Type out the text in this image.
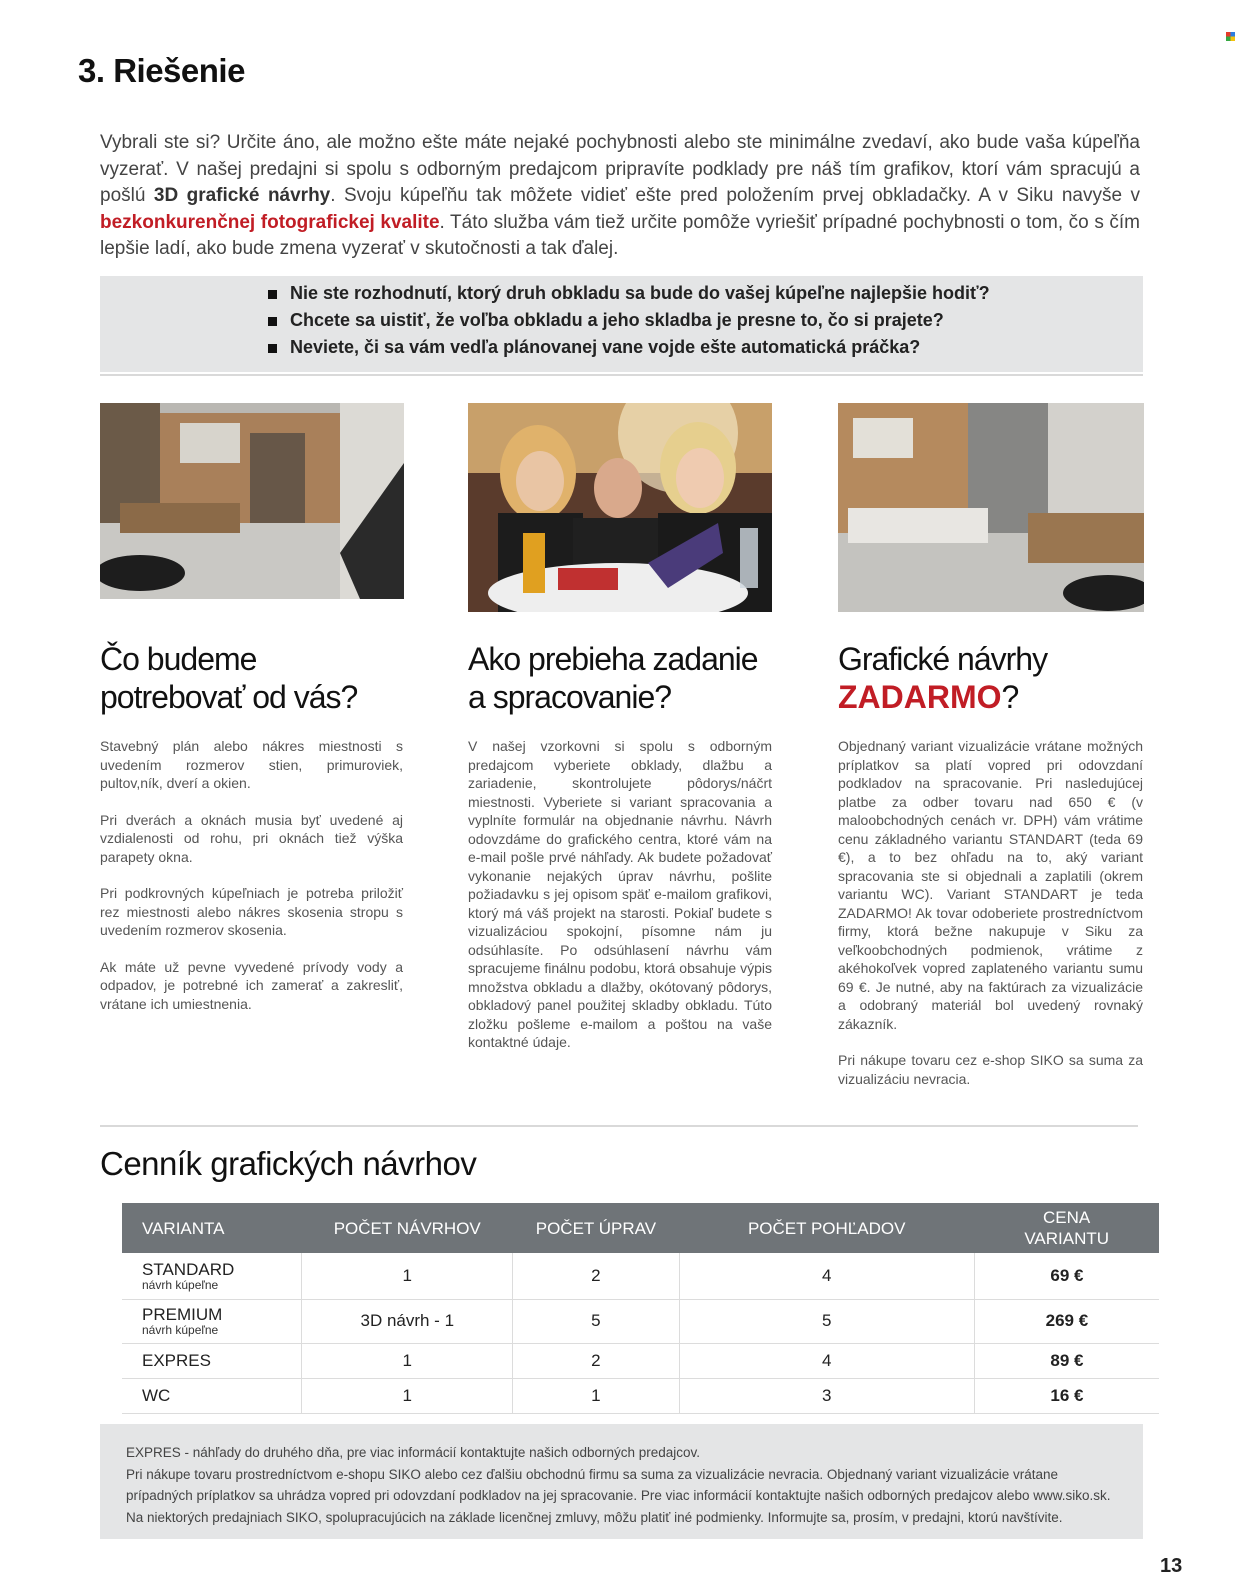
3. Riešenie
Vybrali ste si? Určite áno, ale možno ešte máte nejaké pochybnosti alebo ste minimálne zvedaví, ako bude vaša kúpeľňa vyzerať. V našej predajni si spolu s odborným predajcom pripravíte podklady pre náš tím grafikov, ktorí vám spracujú a pošlú 3D grafické návrhy. Svoju kúpeľňu tak môžete vidieť ešte pred položením prvej obkladačky. A v Siku navyše v bezkonkurenčnej fotografickej kvalite. Táto služba vám tiež určite pomôže vyriešiť prípadné pochybnosti o tom, čo s čím lepšie ladí, ako bude zmena vyzerať v skutočnosti a tak ďalej.
Nie ste rozhodnutí, ktorý druh obkladu sa bude do vašej kúpeľne najlepšie hodiť?
Chcete sa uistiť, že voľba obkladu a jeho skladba je presne to, čo si prajete?
Neviete, či sa vám vedľa plánovanej vane vojde ešte automatická práčka?
Čo budeme
potrebovať od vás?

Stavebný plán alebo nákres miestnosti s uvedením rozmerov stien, primuroviek, pultov,ník, dverí a okien.

Pri dverách a oknách musia byť uvedené aj vzdialenosti od rohu, pri oknách tiež výška parapety okna.

Pri podkrovných kúpeľniach je potreba priložiť rez miestnosti alebo nákres skosenia stropu s uvedením rozmerov skosenia.

Ak máte už pevne vyvedené prívody vody a odpadov, je potrebné ich zamerať a zakresliť, vrátane ich umiestnenia.

Ako prebieha zadanie
a spracovanie?

V našej vzorkovni si spolu s odborným predajcom vyberiete obklady, dlažbu a zariadenie, skontrolujete pôdorys/náčrt miestnosti. Vyberiete si variant spracovania a vyplníte formulár na objednanie návrhu. Návrh odovzdáme do grafického centra, ktoré vám na e-mail pošle prvé náhľady. Ak budete požadovať vykonanie nejakých úprav návrhu, pošlite požiadavku s jej opisom späť e-mailom grafikovi, ktorý má váš projekt na starosti. Pokiaľ budete s vizualizáciou spokojní, písomne nám ju odsúhlasíte. Po odsúhlasení návrhu vám spracujeme finálnu podobu, ktorá obsahuje výpis množstva obkladu a dlažby, okótovaný pôdorys, obkladový panel použitej skladby obkladu. Túto zložku pošleme e-mailom a poštou na vaše kontaktné údaje.

Grafické návrhy
ZADARMO?

Objednaný variant vizualizácie vrátane možných príplatkov sa platí vopred pri odovzdaní podkladov na spracovanie. Pri nasledujúcej platbe za odber tovaru nad 650 € (v maloobchodných cenách vr. DPH) vám vrátime cenu základného variantu STANDART (teda 69 €), a to bez ohľadu na to, aký variant spracovania ste si objednali a zaplatili (okrem variantu WC). Variant STANDART je teda ZADARMO! Ak tovar odoberiete prostredníctvom firmy, ktorá bežne nakupuje v Siku za veľkoobchodných podmienok, vrátime z akéhokoľvek vopred zaplateného variantu sumu 69 €. Je nutné, aby na faktúrach za vizualizácie a odobraný materiál bol uvedený rovnaký zákazník.

Pri nákupe tovaru cez e-shop SIKO sa suma za vizualizáciu nevracia.

Cenník grafických návrhov
VARIANTA	POČET NÁVRHOV	POČET ÚPRAV	POČET POHĽADOV	CENA VARIANTU

STANDARD
návrh kúpeľne	1	2	4	69 €

PREMIUM
návrh kúpeľne	3D návrh - 1	5	5	269 €

EXPRES	1	2	4	89 €

WC	1	1	3	16 €
EXPRES - náhľady do druhého dňa, pre viac informácií kontaktujte našich odborných predajcov.
Pri nákupe tovaru prostredníctvom e-shopu SIKO alebo cez ďalšiu obchodnú firmu sa suma za vizualizácie nevracia. Objednaný variant vizualizácie vrátane prípadných príplatkov sa uhrádza vopred pri odovzdaní podkladov na jej spracovanie. Pre viac informácií kontaktujte našich odborných predajcov alebo www.siko.sk.
Na niektorých predajniach SIKO, spolupracujúcich na základe licenčnej zmluvy, môžu platiť iné podmienky. Informujte sa, prosím, v predajni, ktorú navštívite.
13
